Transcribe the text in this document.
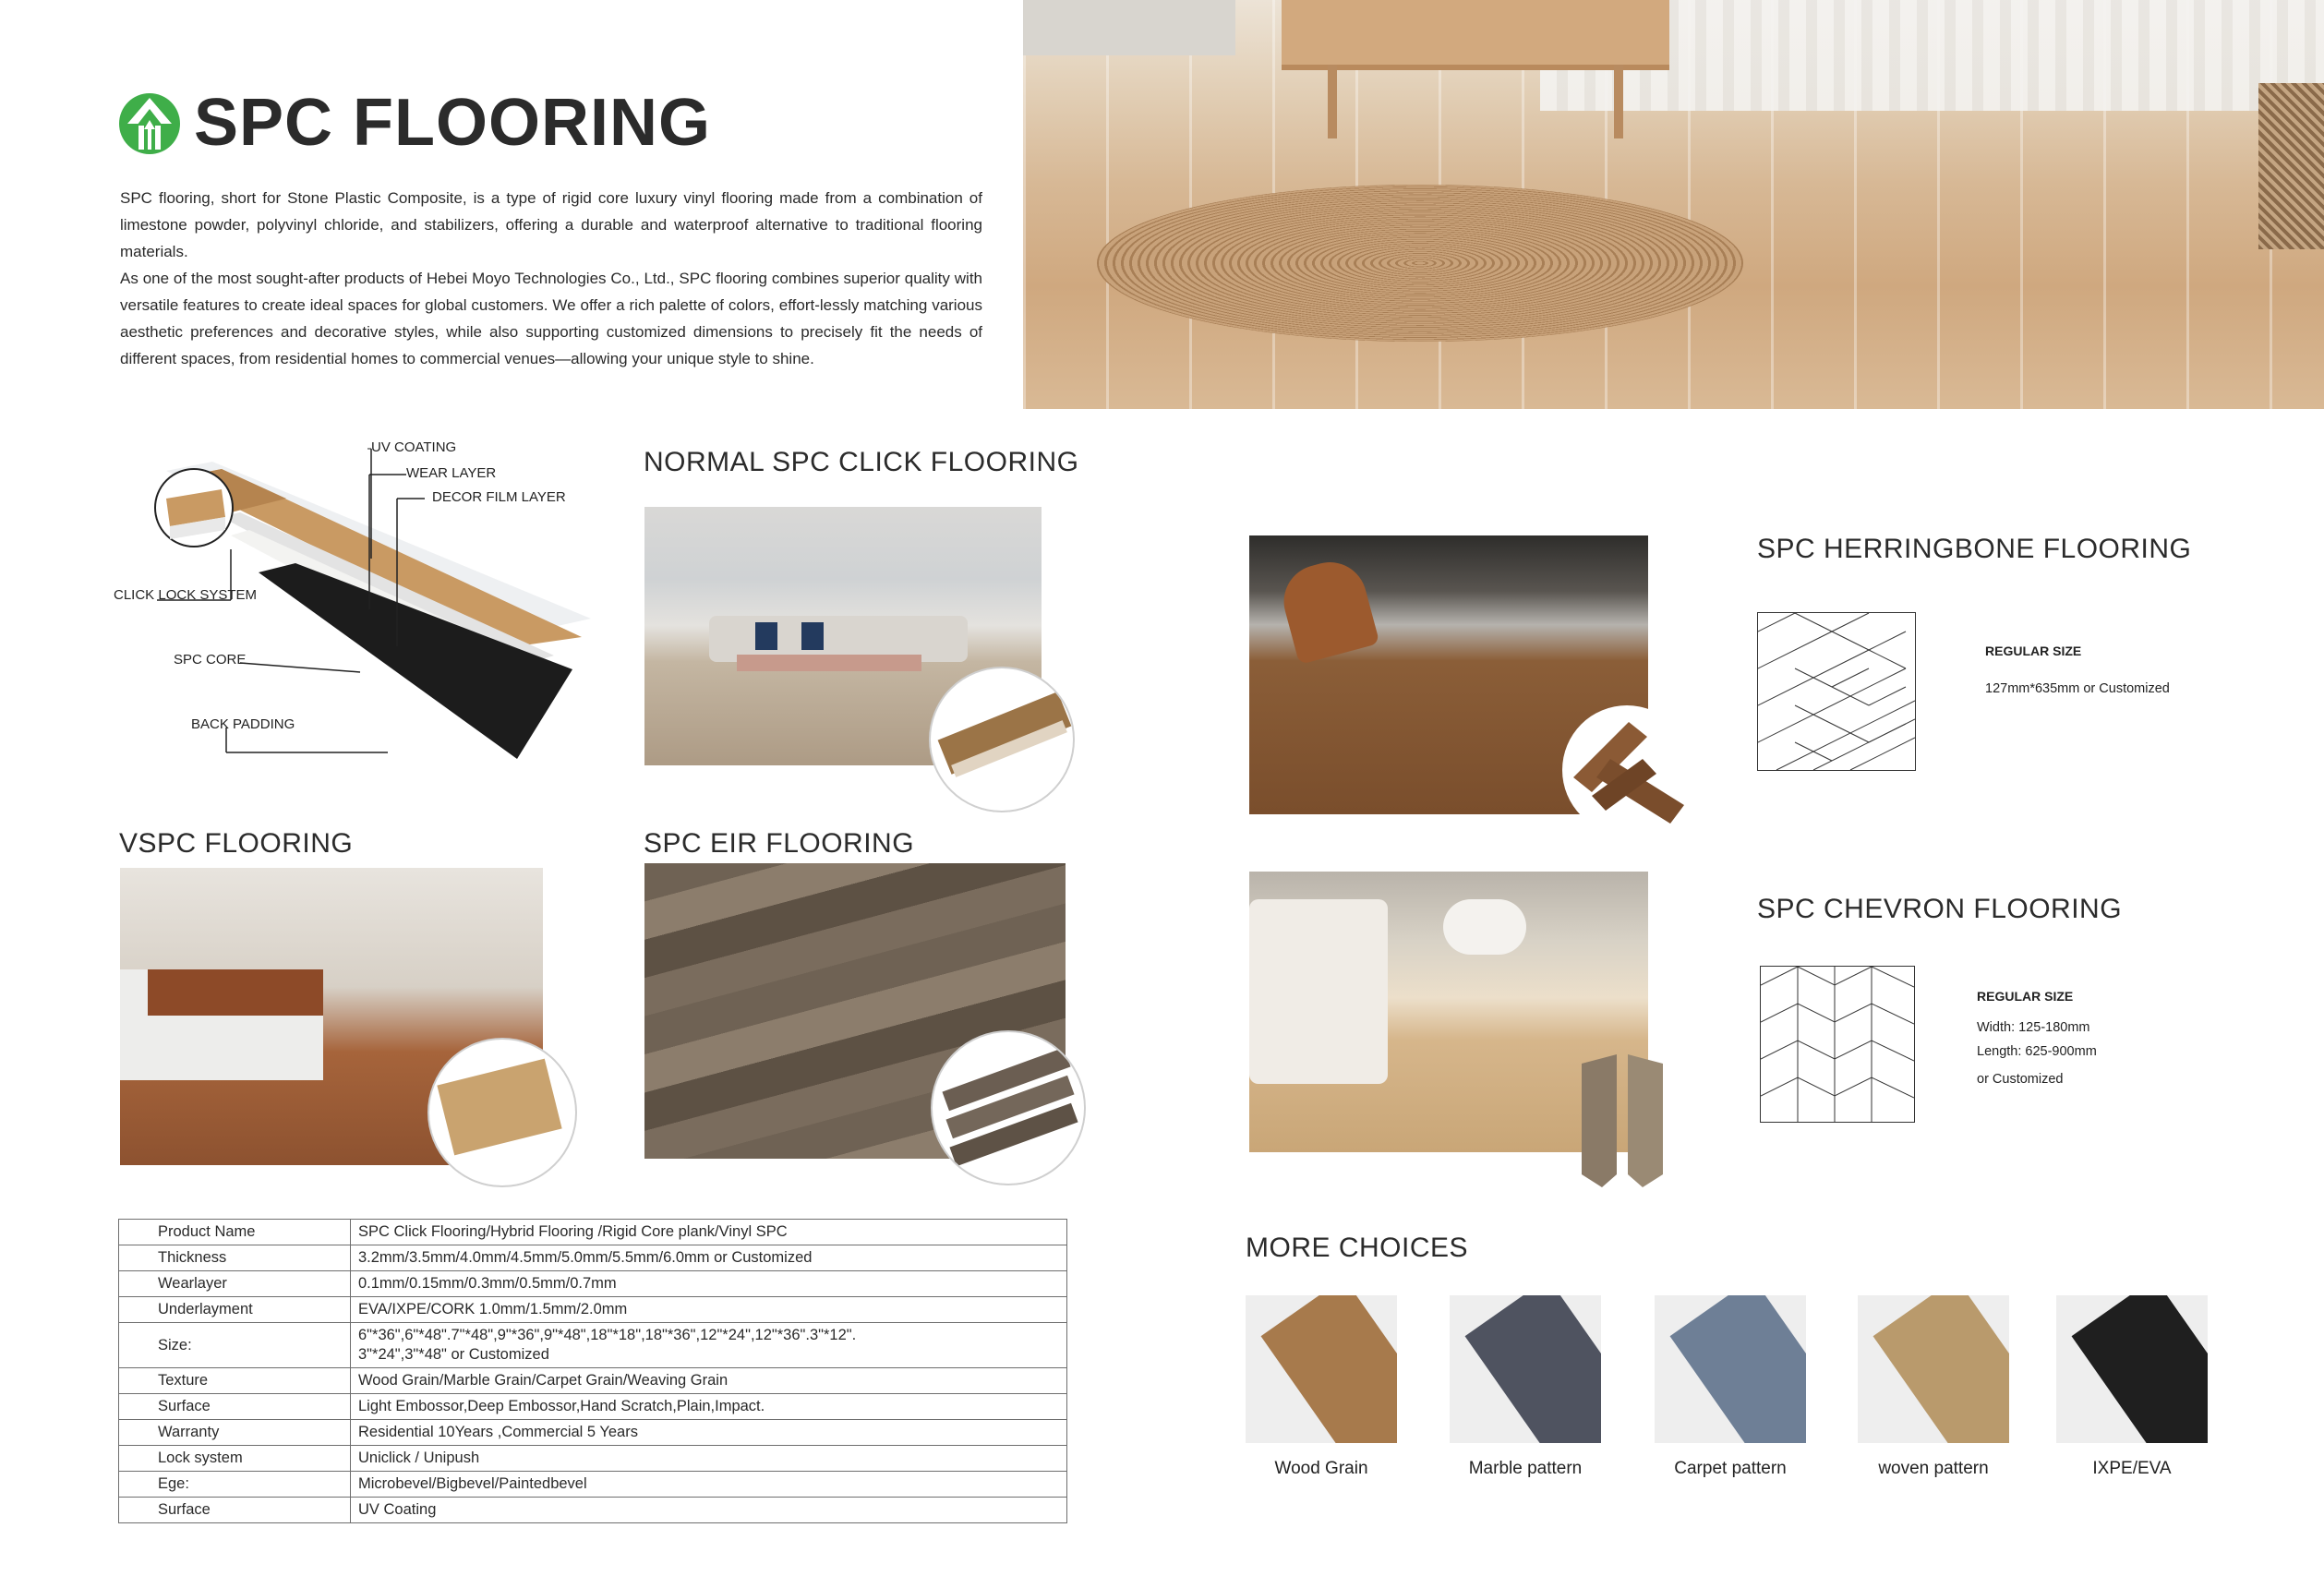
SPC FLOORING

SPC flooring, short for Stone Plastic Composite, is a type of rigid core luxury vinyl flooring made from a combination of limestone powder, polyvinyl chloride, and stabilizers, offering a durable and waterproof alternative to traditional flooring materials.

As one of the most sought-after products of Hebei Moyo Technologies Co., Ltd., SPC flooring combines superior quality with versatile features to create ideal spaces for global customers. We offer a rich palette of colors, effort-lessly matching various aesthetic preferences and decorative styles, while also supporting customized dimensions to precisely fit the needs of different spaces, from residential homes to commercial venues—allowing your unique style to shine.

UV COATING
WEAR LAYER
DECOR FILM LAYER
CLICK LOCK SYSTEM
SPC CORE
BACK PADDING
NORMAL SPC CLICK FLOORING
VSPC FLOORING	SPC EIR FLOORING
Product Name	SPC Click Flooring/Hybrid Flooring /Rigid Core plank/Vinyl SPC
Thickness	3.2mm/3.5mm/4.0mm/4.5mm/5.0mm/5.5mm/6.0mm or Customized
Wearlayer	0.1mm/0.15mm/0.3mm/0.5mm/0.7mm
Underlayment	EVA/IXPE/CORK 1.0mm/1.5mm/2.0mm
Size:	6"*36",6"*48".7"*48",9"*36",9"*48",18"*18",18"*36",12"*24",12"*36".3"*12".
3"*24",3"*48" or Customized

Texture	Wood Grain/Marble Grain/Carpet Grain/Weaving Grain
Surface	Light Embossor,Deep Embossor,Hand Scratch,Plain,Impact.
Warranty	Residential 10Years ,Commercial 5 Years
Lock system	Uniclick / Unipush
Ege:	Microbevel/Bigbevel/Paintedbevel
Surface	UV Coating
SPC HERRINGBONE FLOORING
REGULAR SIZE
127mm*635mm or Customized
SPC CHEVRON FLOORING
REGULAR SIZE
Width: 125-180mm
Length: 625-900mm
or Customized
MORE CHOICES
Wood Grain	Marble pattern	Carpet pattern	woven pattern	IXPE/EVA
